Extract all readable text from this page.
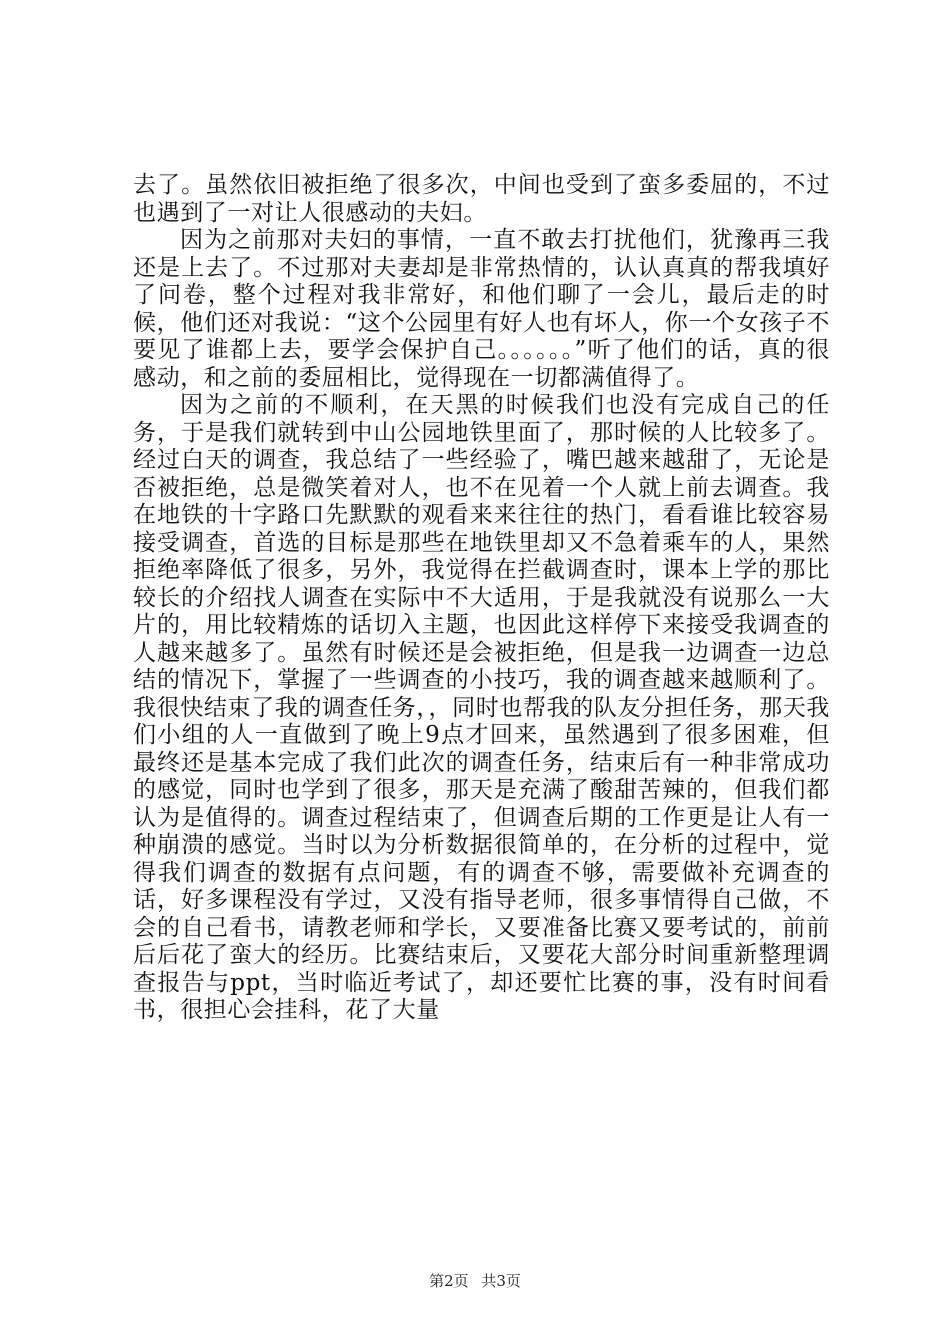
去了。虽然依旧被拒绝了很多次，中间也受到了蛮多委屈的，不过也遇到了一对让人很感动的夫妇。

因为之前那对夫妇的事情，一直不敢去打扰他们，犹豫再三我还是上去了。不过那对夫妻却是非常热情的，认认真真的帮我填好了问卷，整个过程对我非常好，和他们聊了一会儿，最后走的时候，他们还对我说：“这个公园里有好人也有坏人，你一个女孩子不要见了谁都上去，要学会保护自己。。。。。。”听了他们的话，真的很感动，和之前的委屈相比，觉得现在一切都满值得了。

因为之前的不顺利，在天黑的时候我们也没有完成自己的任务，于是我们就转到中山公园地铁里面了，那时候的人比较多了。经过白天的调查，我总结了一些经验了，嘴巴越来越甜了，无论是否被拒绝，总是微笑着对人，也不在见着一个人就上前去调查。我在地铁的十字路口先默默的观看来来往往的热门，看看谁比较容易接受调查，首选的目标是那些在地铁里却又不急着乘车的人，果然拒绝率降低了很多，另外，我觉得在拦截调查时，课本上学的那比较长的介绍找人调查在实际中不大适用，于是我就没有说那么一大片的，用比较精炼的话切入主题，也因此这样停下来接受我调查的人越来越多了。虽然有时候还是会被拒绝，但是我一边调查一边总结的情况下，掌握了一些调查的小技巧，我的调查越来越顺利了。我很快结束了我的调查任务，，同时也帮我的队友分担任务，那天我们小组的人一直做到了晚上9点才回来，虽然遇到了很多困难，但最终还是基本完成了我们此次的调查任务，结束后有一种非常成功的感觉，同时也学到了很多，那天是充满了酸甜苦辣的，但我们都认为是值得的。调查过程结束了，但调查后期的工作更是让人有一种崩溃的感觉。当时以为分析数据很简单的，在分析的过程中，觉得我们调查的数据有点问题，有的调查不够，需要做补充调查的话，好多课程没有学过，又没有指导老师，很多事情得自己做，不会的自己看书，请教老师和学长，又要准备比赛又要考试的，前前后后花了蛮大的经历。比赛结束后，又要花大部分时间重新整理调查报告与ppt，当时临近考试了，却还要忙比赛的事，没有时间看书，很担心会挂科，花了大量

第2页 共3页
